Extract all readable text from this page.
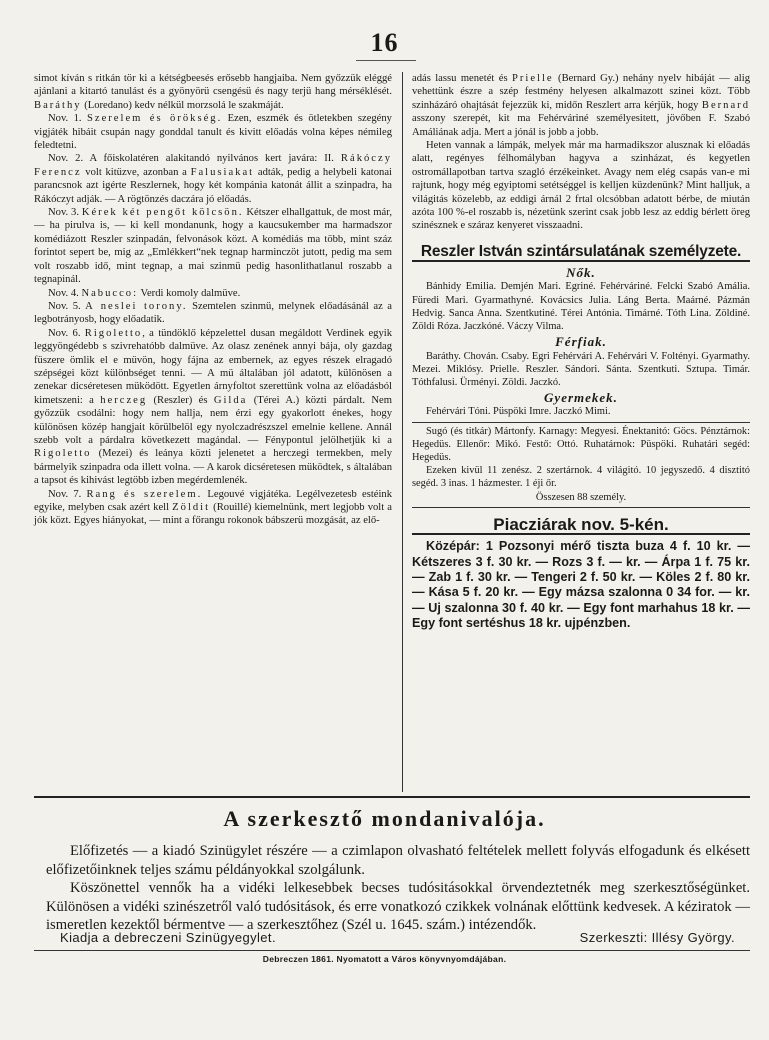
16

simot kíván s ritkán tör ki a kétségbeesés erősebb hangjaiba. Nem győzzük eléggé ajánlani a kitartó tanulást és a gyönyörü csengésü és nagy terjü hang mérséklését. Baráthy (Loredano) kedv nélkül morzsolá le szakmáját.

Nov. 1. Szerelem és örökség. Ezen, eszmék és ötletekben szegény vigjáték hibáit csupán nagy gonddal tanult és kivitt előadás volna képes némileg feledtetni.

Nov. 2. A főiskolatéren alakitandó nyilvános kert javára: II. Rákóczy Ferencz volt kitüzve, azonban a Falusiakat adták, pedig a helybeli katonai parancsnok azt igérte Reszlernek, hogy két kompánia katonát állit a szinpadra, ha Rákóczyt adják. — A rögtönzés daczára jó előadás.

Nov. 3. Kérek két pengőt kölcsön. Kétszer elhallgattuk, de most már, — ha pirulva is, — ki kell mondanunk, hogy a kaucsukember ma harmadszor komédiázott Reszler szinpadán, felvonások közt. A komédiás ma több, mint száz forintot sepert be, mig az „Emlékkert“nek tegnap harminczöt jutott, pedig ma sem volt roszabb idő, mint tegnap, a mai szinmü pedig hasonlithatlanul roszabb a tegnapinál.

Nov. 4. Nabucco: Verdi komoly dalmüve.

Nov. 5. A neslei torony. Szemtelen szinmü, melynek előadásánál az a legbotrányosb, hogy előadatik.

Nov. 6. Rigoletto, a tündöklő képzelettel dusan megáldott Verdinek egyik leggyöngédebb s szivrehatóbb dalmüve. Az olasz zenének annyi bája, oly gazdag füszere ömlik el e müvön, hogy fájna az embernek, az egyes részek elragadó szépségei közt különbséget tenni. — A mü általában jól adatott, különösen a zenekar dicséretesen müködött. Egyetlen árnyfoltot szerettünk volna az előadásból kimetszeni: a herczeg (Reszler) és Gilda (Térei A.) közti párdalt. Nem győzzük csodálni: hogy nem hallja, nem érzi egy gyakorlott énekes, hogy különösen közép hangjait körülbelöl egy nyolczadrészszel emelnie kellene. Annál szebb volt a párdalra következett magándal. — Fénypontul jelölhetjük ki a Rigoletto (Mezei) és leánya közti jelenetet a herczegi termekben, mely bármelyik szinpadra oda illett volna. — A karok dicséretesen müködtek, s általában a tapsot és kihivást legtöbb izben megérdemlenék.

Nov. 7. Rang és szerelem. Legouvé vigjátéka. Legélvezetesb estéink egyike, melyben csak azért kell Zöldit (Rouillé) kiemelnünk, mert legjobb volt a jók közt. Egyes hiányokat, — mint a főrangu rokonok bábszerü mozgását, az elő-

adás lassu menetét és Prielle (Bernard Gy.) nehány nyelv hibáját — alig vehettünk észre a szép festmény helyesen alkalmazott szinei közt. Több szinházáró ohajtását fejezzük ki, midőn Reszlert arra kérjük, hogy Bernard asszony szerepét, kit ma Fehérváriné személyesitett, jövőben F. Szabó Amáliának adja. Mert a jónál is jobb a jobb.

Heten vannak a lámpák, melyek már ma harmadikszor alusznak ki előadás alatt, regényes félhomályban hagyva a szinházat, és kegyetlen ostromállapotban tartva szagló érzékeinket. Avagy nem elég csapás van-e mi rajtunk, hogy még egyiptomi setétséggel is kelljen küzdenünk? Mint halljuk, a világitás közelebb, az eddigi árnál 2 frtal olcsóbban adatott bérbe, de miután azóta 100 %-el roszabb is, nézetünk szerint csak jobb lesz az eddig bérlett öreg szinésznek e száraz kenyeret visszaadni.

Reszler István szintársulatának személyzete.
Nők.

Bánhidy Emilia. Demjén Mari. Egriné. Fehérváriné. Felcki Szabó Amália. Füredi Mari. Gyarmathyné. Kovácsics Julia. Láng Berta. Maárné. Pázmán Hedvig. Sanca Anna. Szentkutiné. Térei Antónia. Timárné. Tóth Lina. Zöldiné. Zöldi Róza. Jaczkóné. Váczy Vilma.

Férfiak.

Baráthy. Chován. Csaby. Egri Fehérvári A. Fehérvári V. Foltényi. Gyarmathy. Mezei. Miklósy. Prielle. Reszler. Sándori. Sánta. Szentkuti. Sztupa. Timár. Tóthfalusi. Ürményi. Zöldi. Jaczkó.

Gyermekek.

Fehérvári Tóni. Püspöki Imre. Jaczkó Mimi.

Sugó (és titkár) Mártonfy. Karnagy: Megyesi. Énektanitó: Göcs. Pénztárnok: Hegedüs. Ellenőr: Mikó. Festő: Ottó. Ruhatárnok: Püspöki. Ruhatári segéd: Hegedüs.

Ezeken kivül 11 zenész. 2 szertárnok. 4 világitó. 10 jegyszedő. 4 disztitó segéd. 3 inas. 1 házmester. 1 éji őr.

Összesen 88 személy.

Piacziárak nov. 5-kén.

Középár: 1 Pozsonyi mérő tiszta buza 4 f. 10 kr. — Kétszeres 3 f. 30 kr. — Rozs 3 f. — kr. — Árpa 1 f. 75 kr. — Zab 1 f. 30 kr. — Tengeri 2 f. 50 kr. — Köles 2 f. 80 kr. — Kása 5 f. 20 kr. — Egy mázsa szalonna 0 34 for. — kr. — Uj szalonna 30 f. 40 kr. — Egy font marhahus 18 kr. — Egy font sertéshus 18 kr. ujpénzben.

A szerkesztő mondanivalója.

Előfizetés — a kiadó Szinügylet részére — a czimlapon olvasható feltételek mellett folyvás elfogadunk és elkésett előfizetőinknek teljes számu példányokkal szolgálunk.

Köszönettel vennők ha a vidéki lelkesebbek becses tudósitásokkal örvendeztetnék meg szerkesztőségünket. Különösen a vidéki szinészetről való tudósitások, és erre vonatkozó czikkek volnának előttünk kedvesek. A kéziratok — ismeretlen kezektől bérmentve — a szerkesztőhez (Szél u. 1645. szám.) intézendők.

Kiadja a debreczeni Szinügyegylet.	Szerkeszti: Illésy György.
Debreczen 1861. Nyomatott a Város könyvnyomdájában.
